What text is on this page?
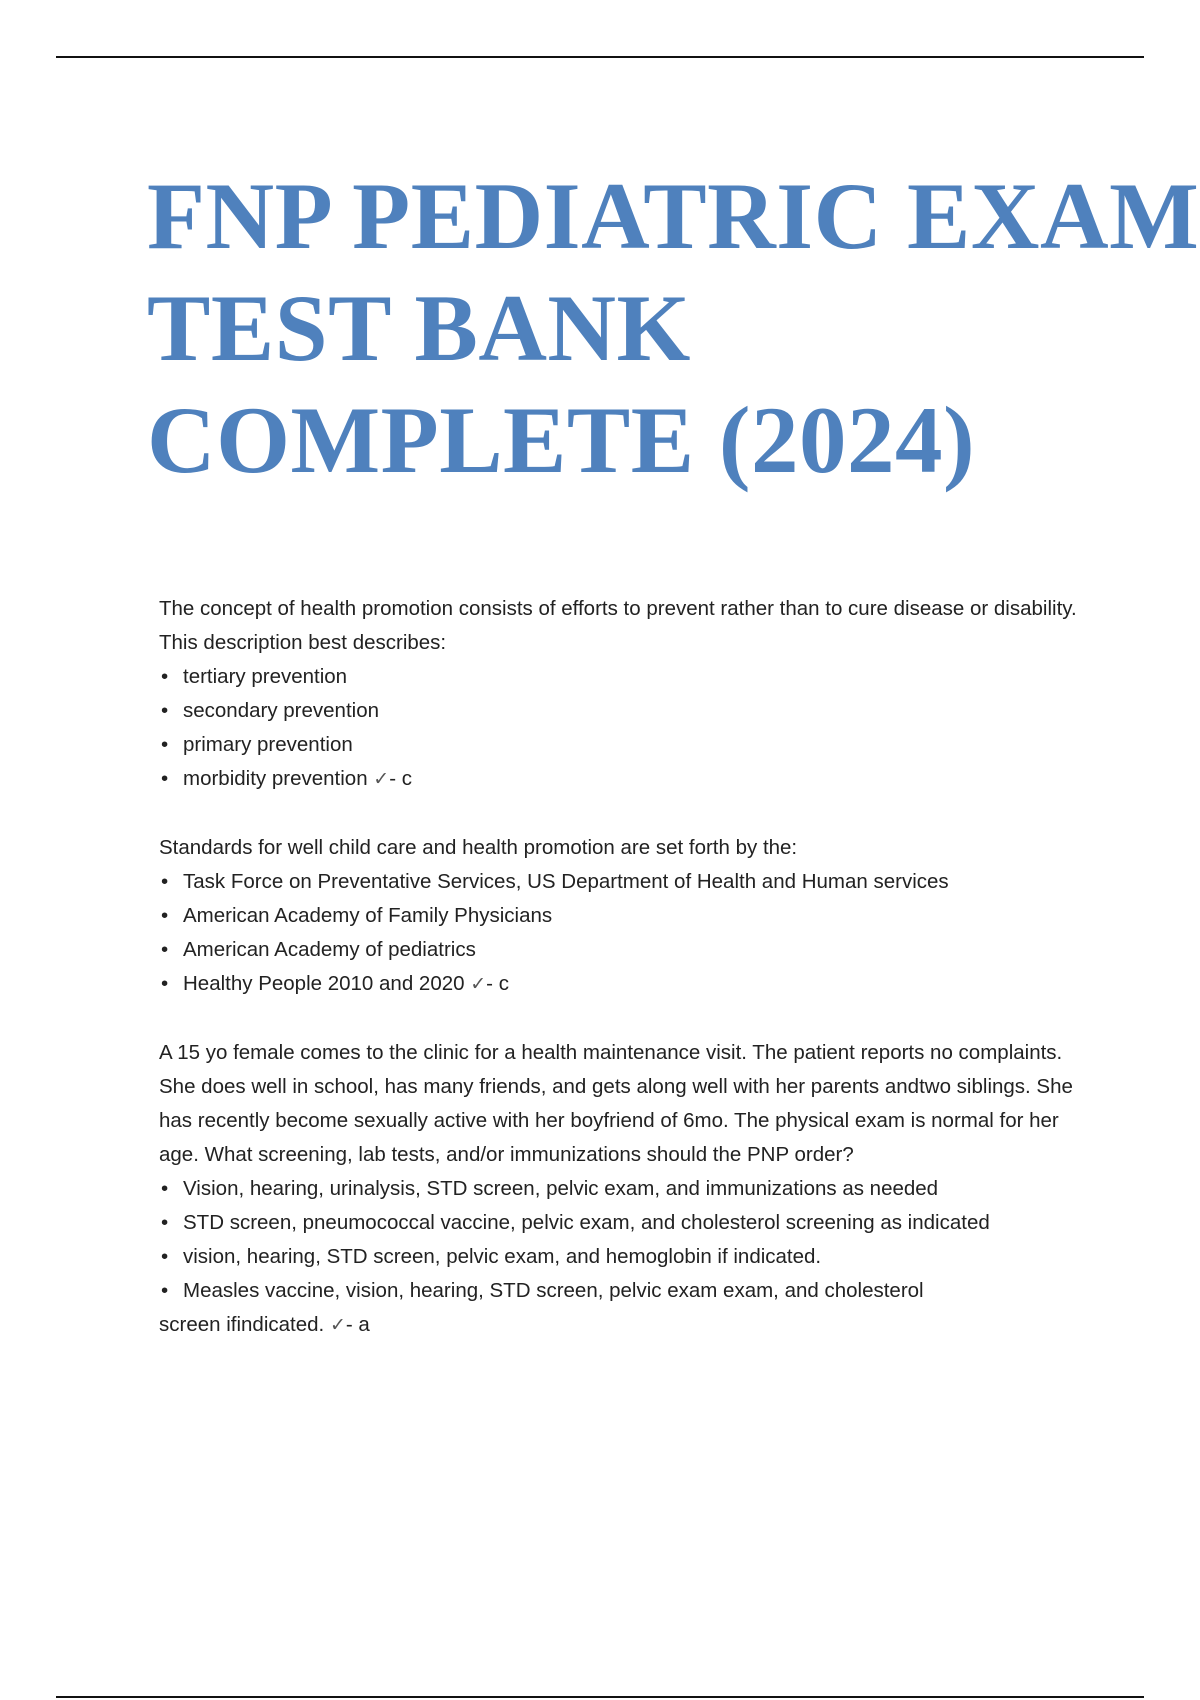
FNP PEDIATRIC EXAM
TEST BANK
COMPLETE (2024)

The concept of health promotion consists of efforts to prevent rather than to cure disease or disability. This description best describes:

• tertiary prevention
• secondary prevention
• primary prevention
• morbidity prevention ✓- c

Standards for well child care and health promotion are set forth by the:

• Task Force on Preventative Services, US Department of Health and Human services
• American Academy of Family Physicians
• American Academy of pediatrics
• Healthy People 2010 and 2020 ✓- c

A 15 yo female comes to the clinic for a health maintenance visit. The patient reports no complaints. She does well in school, has many friends, and gets along well with her parents andtwo siblings. She has recently become sexually active with her boyfriend of 6mo. The physical exam is normal for her age. What screening, lab tests, and/or immunizations should the PNP order?

• Vision, hearing, urinalysis, STD screen, pelvic exam, and immunizations as needed
• STD screen, pneumococcal vaccine, pelvic exam, and cholesterol screening as indicated
• vision, hearing, STD screen, pelvic exam, and hemoglobin if indicated.
• Measles vaccine, vision, hearing, STD screen, pelvic exam exam, and cholesterol

screen ifindicated. ✓- a
